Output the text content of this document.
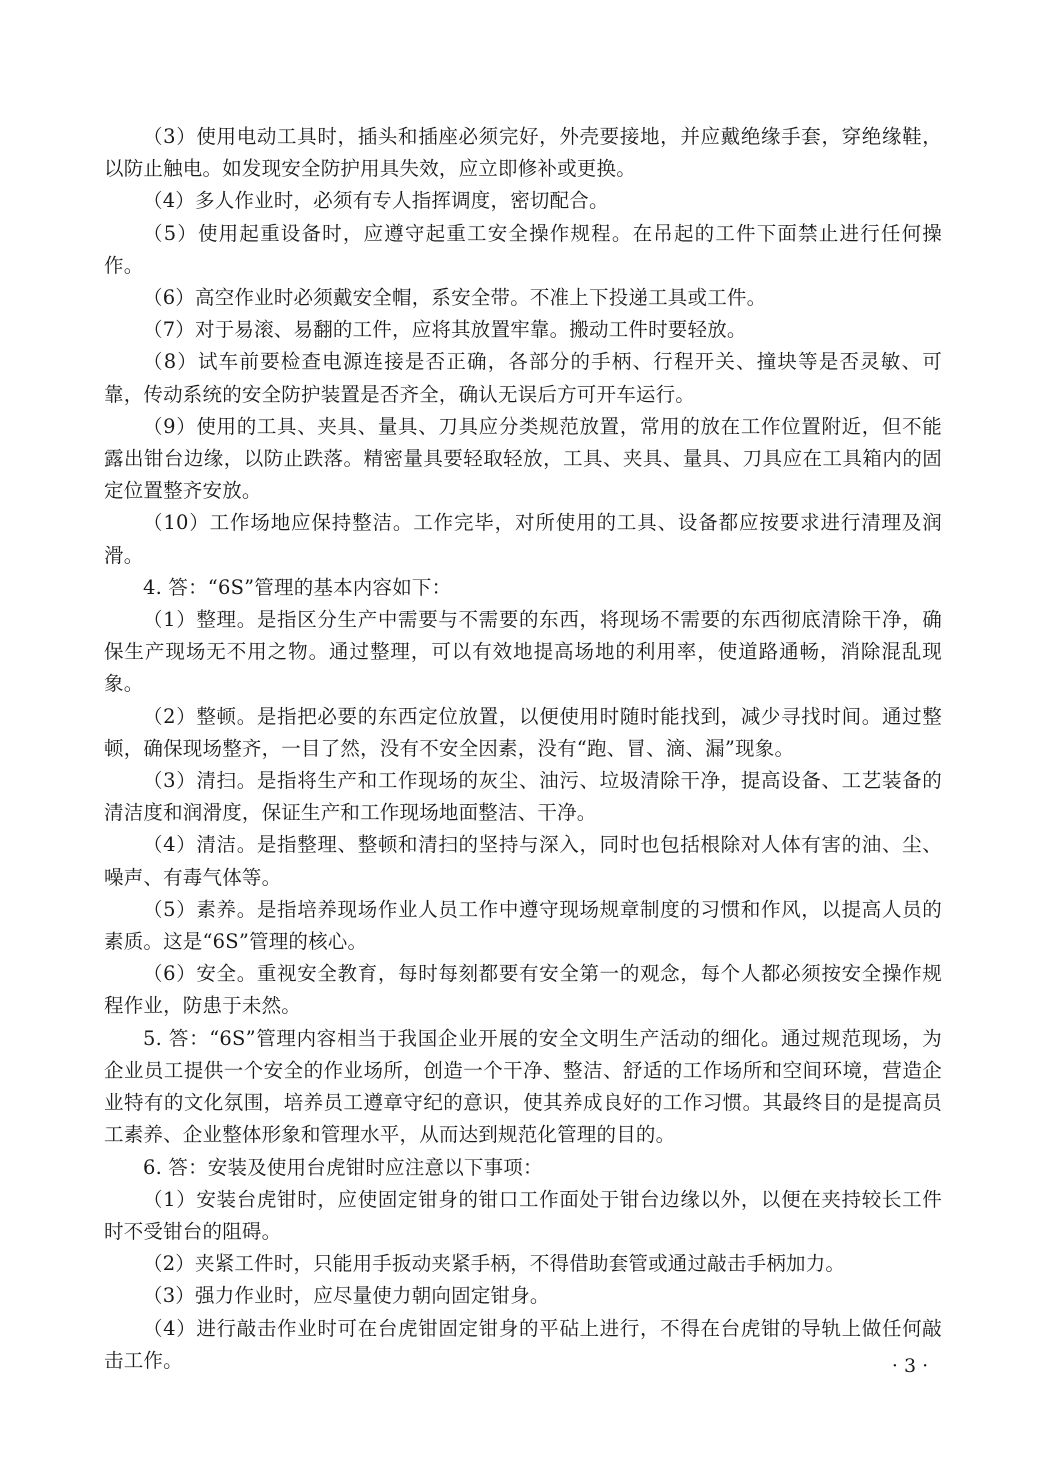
（3）使用电动工具时，插头和插座必须完好，外壳要接地，并应戴绝缘手套，穿绝缘鞋，以防止触电。如发现安全防护用具失效，应立即修补或更换。

（4）多人作业时，必须有专人指挥调度，密切配合。

（5）使用起重设备时，应遵守起重工安全操作规程。在吊起的工件下面禁止进行任何操作。

（6）高空作业时必须戴安全帽，系安全带。不准上下投递工具或工件。

（7）对于易滚、易翻的工件，应将其放置牢靠。搬动工件时要轻放。

（8）试车前要检查电源连接是否正确，各部分的手柄、行程开关、撞块等是否灵敏、可靠，传动系统的安全防护装置是否齐全，确认无误后方可开车运行。

（9）使用的工具、夹具、量具、刀具应分类规范放置，常用的放在工作位置附近，但不能露出钳台边缘，以防止跌落。精密量具要轻取轻放，工具、夹具、量具、刀具应在工具箱内的固定位置整齐安放。

（10）工作场地应保持整洁。工作完毕，对所使用的工具、设备都应按要求进行清理及润滑。

4. 答：“6S”管理的基本内容如下：

（1）整理。是指区分生产中需要与不需要的东西，将现场不需要的东西彻底清除干净，确保生产现场无不用之物。通过整理，可以有效地提高场地的利用率，使道路通畅，消除混乱现象。

（2）整顿。是指把必要的东西定位放置，以便使用时随时能找到，减少寻找时间。通过整顿，确保现场整齐，一目了然，没有不安全因素，没有“跑、冒、滴、漏”现象。

（3）清扫。是指将生产和工作现场的灰尘、油污、垃圾清除干净，提高设备、工艺装备的清洁度和润滑度，保证生产和工作现场地面整洁、干净。

（4）清洁。是指整理、整顿和清扫的坚持与深入，同时也包括根除对人体有害的油、尘、噪声、有毒气体等。

（5）素养。是指培养现场作业人员工作中遵守现场规章制度的习惯和作风，以提高人员的素质。这是“6S”管理的核心。

（6）安全。重视安全教育，每时每刻都要有安全第一的观念，每个人都必须按安全操作规程作业，防患于未然。

5. 答：“6S”管理内容相当于我国企业开展的安全文明生产活动的细化。通过规范现场，为企业员工提供一个安全的作业场所，创造一个干净、整洁、舒适的工作场所和空间环境，营造企业特有的文化氛围，培养员工遵章守纪的意识，使其养成良好的工作习惯。其最终目的是提高员工素养、企业整体形象和管理水平，从而达到规范化管理的目的。

6. 答：安装及使用台虎钳时应注意以下事项：

（1）安装台虎钳时，应使固定钳身的钳口工作面处于钳台边缘以外，以便在夹持较长工件时不受钳台的阻碍。

（2）夹紧工件时，只能用手扳动夹紧手柄，不得借助套管或通过敲击手柄加力。

（3）强力作业时，应尽量使力朝向固定钳身。

（4）进行敲击作业时可在台虎钳固定钳身的平砧上进行，不得在台虎钳的导轨上做任何敲击工作。	· 3 ·
